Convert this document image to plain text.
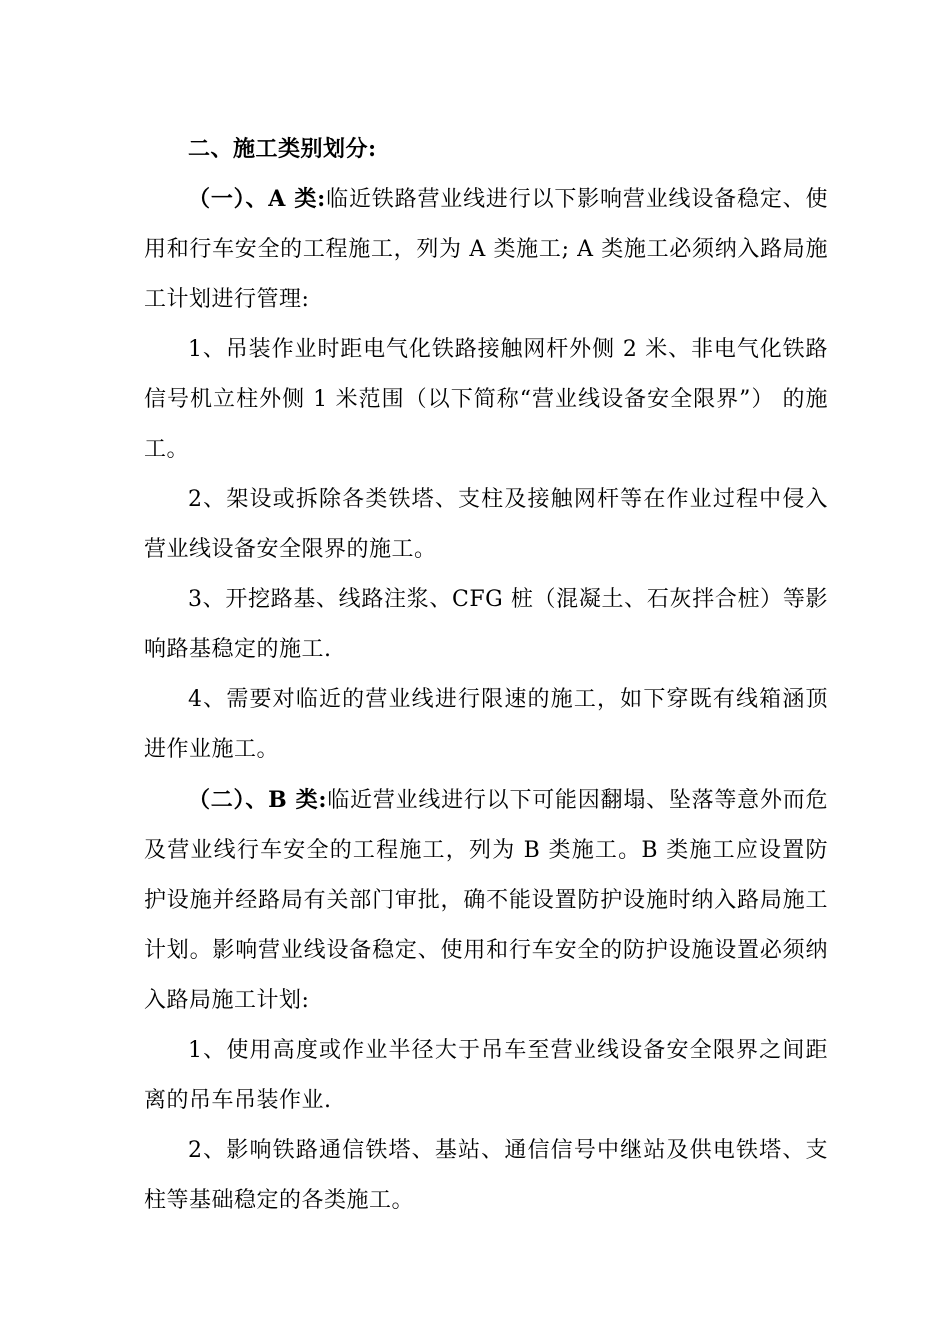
二、施工类别划分:

（一）、A 类:临近铁路营业线进行以下影响营业线设备稳定、使用和行车安全的工程施工，列为 A 类施工; A 类施工必须纳入路局施工计划进行管理:

1、吊装作业时距电气化铁路接触网杆外侧 2 米、非电气化铁路信号机立柱外侧 1 米范围（以下简称“营业线设备安全限界”） 的施工。

2、架设或拆除各类铁塔、支柱及接触网杆等在作业过程中侵入营业线设备安全限界的施工。

3、开挖路基、线路注浆、CFG 桩（混凝土、石灰拌合桩）等影响路基稳定的施工.

4、需要对临近的营业线进行限速的施工，如下穿既有线箱涵顶进作业施工。

（二）、B 类:临近营业线进行以下可能因翻塌、坠落等意外而危及营业线行车安全的工程施工，列为 B 类施工。B 类施工应设置防护设施并经路局有关部门审批，确不能设置防护设施时纳入路局施工计划。影响营业线设备稳定、使用和行车安全的防护设施设置必须纳入路局施工计划:

1、使用高度或作业半径大于吊车至营业线设备安全限界之间距离的吊车吊装作业.

2、影响铁路通信铁塔、基站、通信信号中继站及供电铁塔、支柱等基础稳定的各类施工。
